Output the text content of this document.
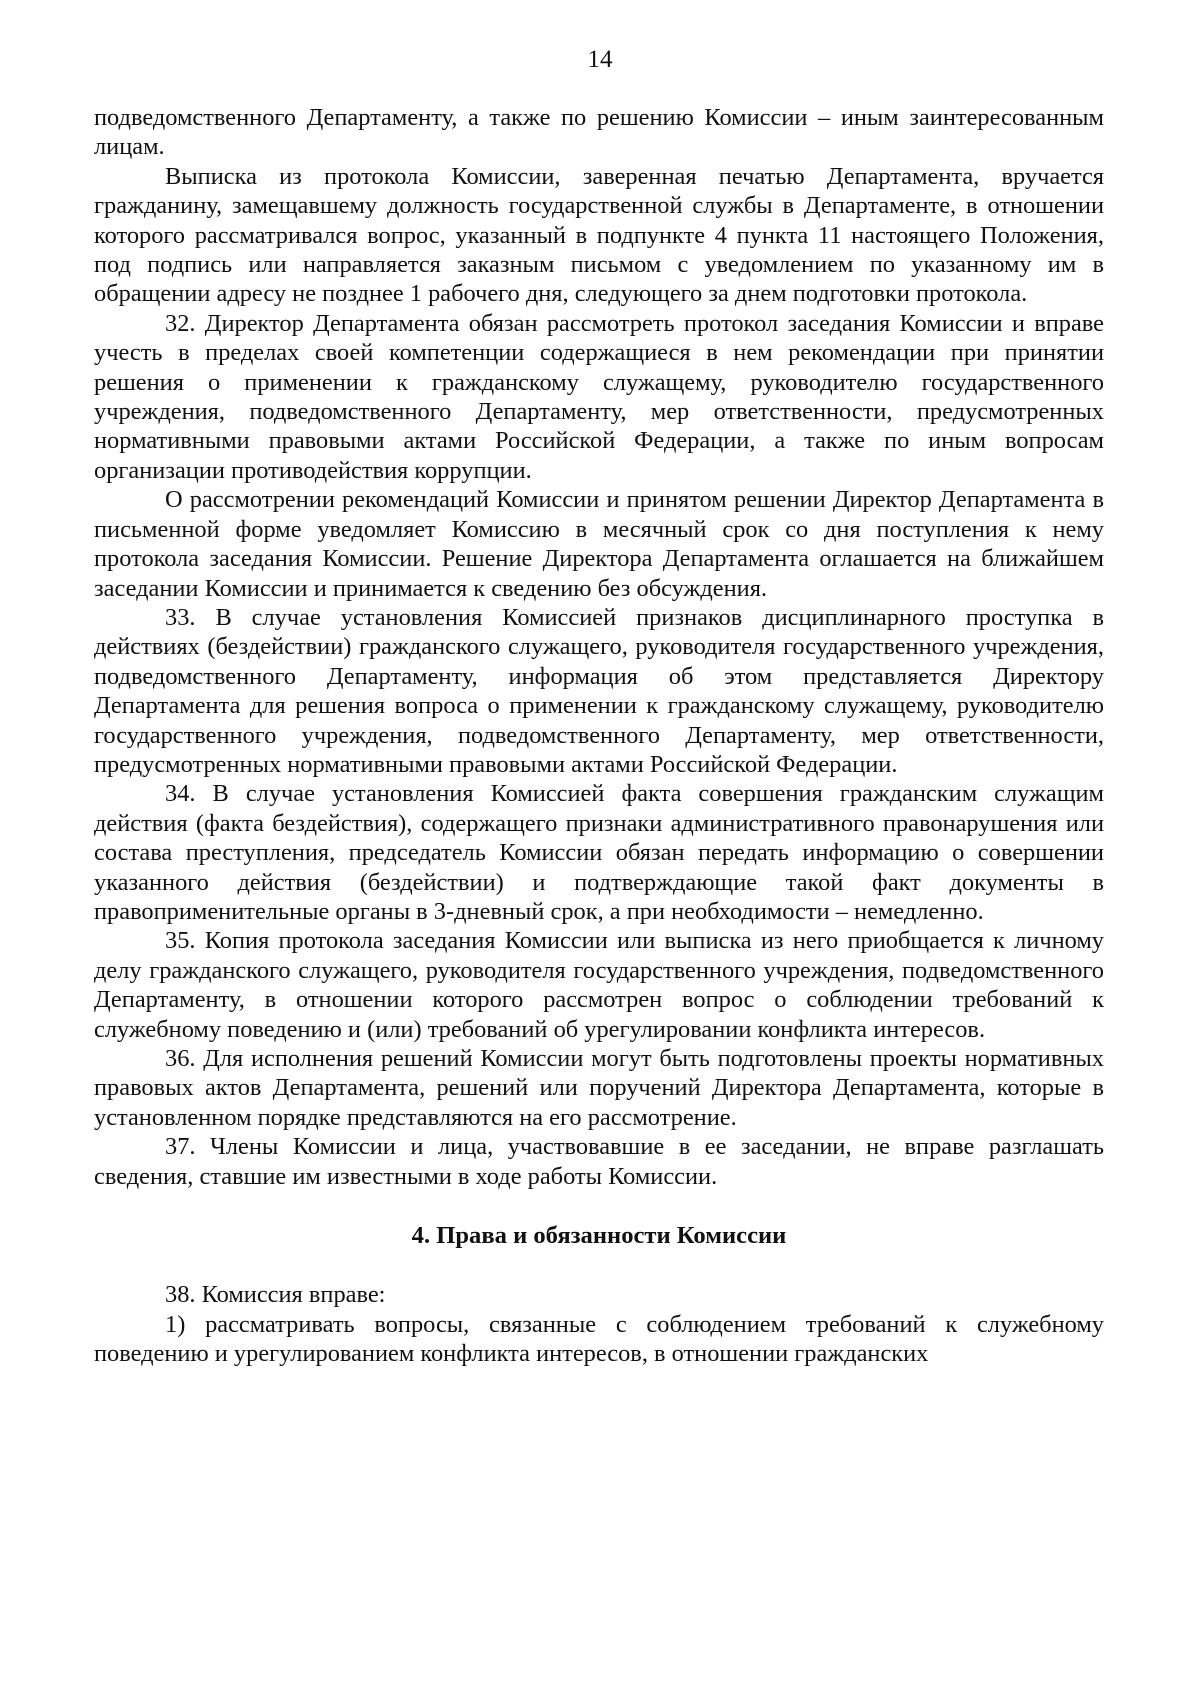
14

подведомственного Департаменту, а также по решению Комиссии – иным заинтересованным лицам.

Выписка из протокола Комиссии, заверенная печатью Департамента, вручается гражданину, замещавшему должность государственной службы в Департаменте, в отношении которого рассматривался вопрос, указанный в подпункте 4 пункта 11 настоящего Положения, под подпись или направляется заказным письмом с уведомлением по указанному им в обращении адресу не позднее 1 рабочего дня, следующего за днем подготовки протокола.

32. Директор Департамента обязан рассмотреть протокол заседания Комиссии и вправе учесть в пределах своей компетенции содержащиеся в нем рекомендации при принятии решения о применении к гражданскому служащему, руководителю государственного учреждения, подведомственного Департаменту, мер ответственности, предусмотренных нормативными правовыми актами Российской Федерации, а также по иным вопросам организации противодействия коррупции.

О рассмотрении рекомендаций Комиссии и принятом решении Директор Департамента в письменной форме уведомляет Комиссию в месячный срок со дня поступления к нему протокола заседания Комиссии. Решение Директора Департамента оглашается на ближайшем заседании Комиссии и принимается к сведению без обсуждения.

33. В случае установления Комиссией признаков дисциплинарного проступка в действиях (бездействии) гражданского служащего, руководителя государственного учреждения, подведомственного Департаменту, информация об этом представляется Директору Департамента для решения вопроса о применении к гражданскому служащему, руководителю государственного учреждения, подведомственного Департаменту, мер ответственности, предусмотренных нормативными правовыми актами Российской Федерации.

34. В случае установления Комиссией факта совершения гражданским служащим действия (факта бездействия), содержащего признаки административного правонарушения или состава преступления, председатель Комиссии обязан передать информацию о совершении указанного действия (бездействии) и подтверждающие такой факт документы в правоприменительные органы в 3-дневный срок, а при необходимости – немедленно.

35. Копия протокола заседания Комиссии или выписка из него приобщается к личному делу гражданского служащего, руководителя государственного учреждения, подведомственного Департаменту, в отношении которого рассмотрен вопрос о соблюдении требований к служебному поведению и (или) требований об урегулировании конфликта интересов.

36. Для исполнения решений Комиссии могут быть подготовлены проекты нормативных правовых актов Департамента, решений или поручений Директора Департамента, которые в установленном порядке представляются на его рассмотрение.

37. Члены Комиссии и лица, участвовавшие в ее заседании, не вправе разглашать сведения, ставшие им известными в ходе работы Комиссии.

4. Права и обязанности Комиссии

38. Комиссия вправе:

1) рассматривать вопросы, связанные с соблюдением требований к служебному поведению и урегулированием конфликта интересов, в отношении гражданских
